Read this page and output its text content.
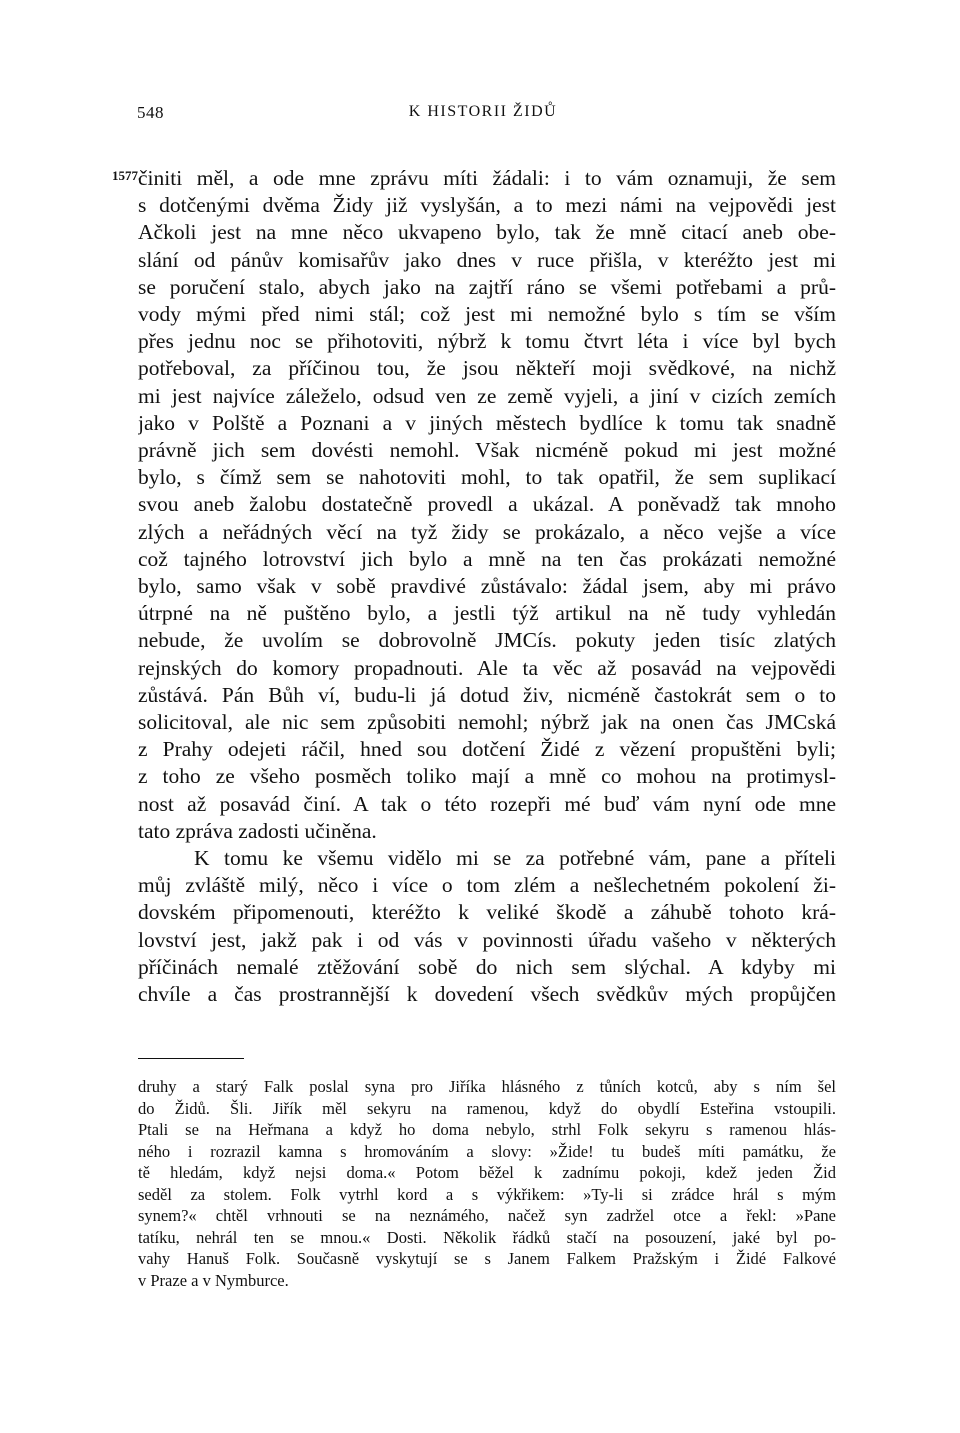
548	K HISTORII ŽIDŮ
1577.
činiti měl, a ode mne zprávu míti žádali: i to vám oznamuji, že sem
s dotčenými dvěma Židy již vyslyšán, a to mezi námi na vejpovědi jest
Ačkoli jest na mne něco ukvapeno bylo, tak že mně citací aneb obe-
slání od pánův komisařův jako dnes v ruce přišla, v kteréžto jest mi
se poručení stalo, abych jako na zajtří ráno se všemi potřebami a prů-
vody mými před nimi stál; což jest mi nemožné bylo s tím se vším
přes jednu noc se přihotoviti, nýbrž k tomu čtvrt léta i více byl bych
potřeboval, za příčinou tou, že jsou někteří moji svědkové, na nichž
mi jest najvíce záleželo, odsud ven ze země vyjeli, a jiní v cizích zemích
jako v Polště a Poznani a v jiných městech bydlíce k tomu tak snadně
právně jich sem dovésti nemohl. Však nicméně pokud mi jest možné
bylo, s čímž sem se nahotoviti mohl, to tak opatřil, že sem suplikací
svou aneb žalobu dostatečně provedl a ukázal. A poněvadž tak mnoho
zlých a neřádných věcí na tyž židy se prokázalo, a něco vejše a více
což tajného lotrovství jich bylo a mně na ten čas prokázati nemožné
bylo, samo však v sobě pravdivé zůstávalo: žádal jsem, aby mi právo
útrpné na ně puštěno bylo, a jestli týž artikul na ně tudy vyhledán
nebude, že uvolím se dobrovolně JMCís. pokuty jeden tisíc zlatých
rejnských do komory propadnouti. Ale ta věc až posavád na vejpovědi
zůstává. Pán Bůh ví, budu-li já dotud živ, nicméně častokrát sem o to
solicitoval, ale nic sem způsobiti nemohl; nýbrž jak na onen čas JMCská
z Prahy odejeti ráčil, hned sou dotčení Židé z vězení propuštěni byli;
z toho ze všeho posměch toliko mají a mně co mohou na protimysl-
nost až posavád činí. A tak o této rozepři mé buď vám nyní ode mne
tato zpráva zadosti učiněna.
K tomu ke všemu vidělo mi se za potřebné vám, pane a příteli
můj zvláště milý, něco i více o tom zlém a nešlechetném pokolení ži-
dovském připomenouti, kteréžto k veliké škodě a záhubě tohoto krá-
lovství jest, jakž pak i od vás v povinnosti úřadu vašeho v některých
příčinách nemalé ztěžování sobě do nich sem slýchal. A kdyby mi
chvíle a čas prostrannější k dovedení všech svědkův mých propůjčen
druhy a starý Falk poslal syna pro Jiříka hlásného z tůních kotců, aby s ním šel
do Židů. Šli. Jiřík měl sekyru na ramenou, když do obydlí Esteřina vstoupili.
Ptali se na Heřmana a když ho doma nebylo, strhl Folk sekyru s ramenou hlás-
ného i rozrazil kamna s hromováním a slovy: »Žide! tu budeš míti památku, že
tě hledám, když nejsi doma.« Potom běžel k zadnímu pokoji, kdež jeden Žid
seděl za stolem. Folk vytrhl kord a s výkřikem: »Ty-li si zrádce hrál s mým
synem?« chtěl vrhnouti se na neznámého, načež syn zadržel otce a řekl: »Pane
tatíku, nehrál ten se mnou.« Dosti. Několik řádků stačí na posouzení, jaké byl po-
vahy Hanuš Folk. Současně vyskytují se s Janem Falkem Pražským i Židé Falkové
v Praze a v Nymburce.
